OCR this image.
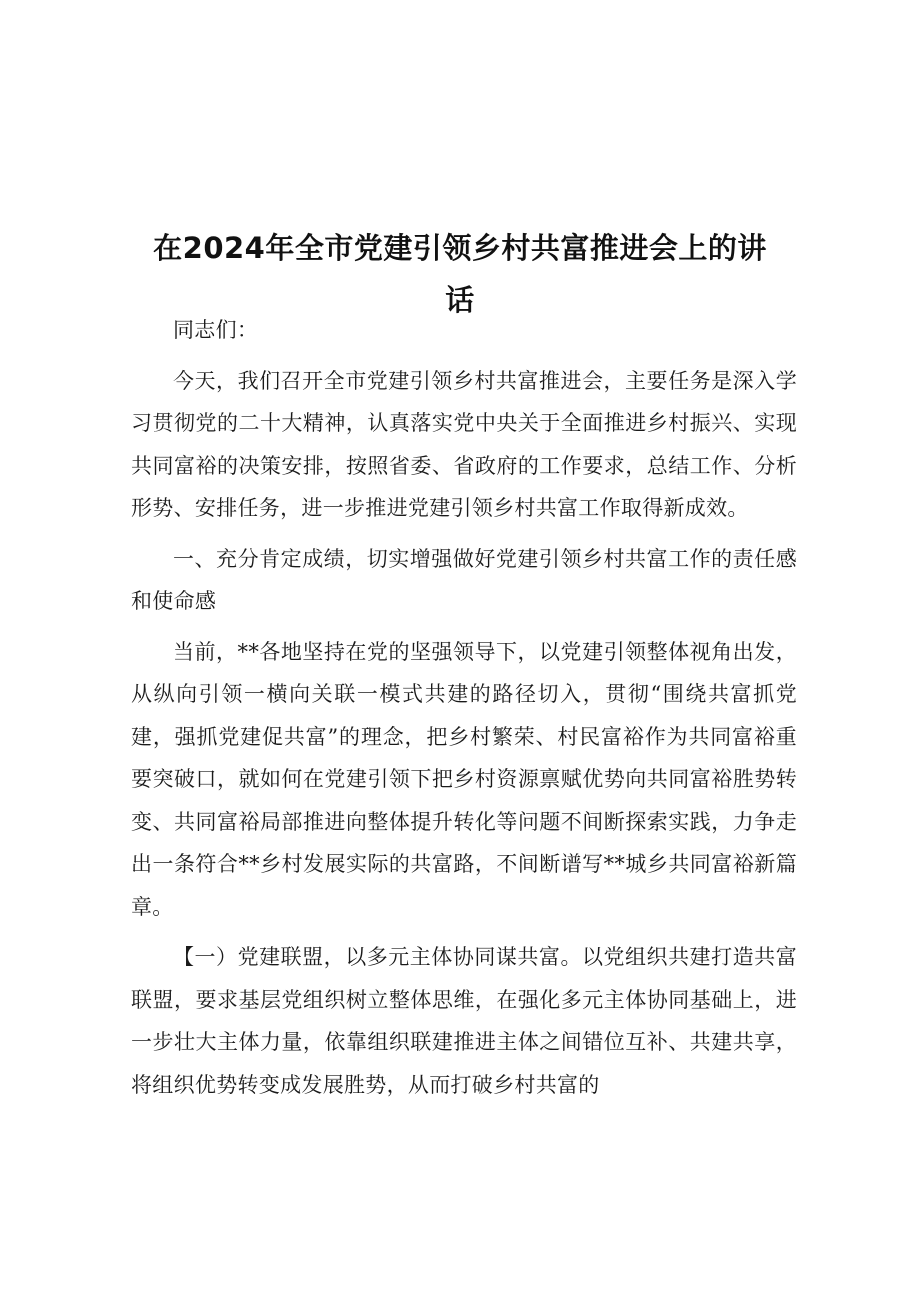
在2024年全市党建引领乡村共富推进会上的讲话

同志们：

今天，我们召开全市党建引领乡村共富推进会，主要任务是深入学习贯彻党的二十大精神，认真落实党中央关于全面推进乡村振兴、实现共同富裕的决策安排，按照省委、省政府的工作要求，总结工作、分析形势、安排任务，进一步推进党建引领乡村共富工作取得新成效。

一、充分肯定成绩，切实增强做好党建引领乡村共富工作的责任感和使命感

当前，**各地坚持在党的坚强领导下，以党建引领整体视角出发，从纵向引领一横向关联一模式共建的路径切入，贯彻“围绕共富抓党建，强抓党建促共富”的理念，把乡村繁荣、村民富裕作为共同富裕重要突破口，就如何在党建引领下把乡村资源禀赋优势向共同富裕胜势转变、共同富裕局部推进向整体提升转化等问题不间断探索实践，力争走出一条符合**乡村发展实际的共富路，不间断谱写**城乡共同富裕新篇章。

【一）党建联盟，以多元主体协同谋共富。以党组织共建打造共富联盟，要求基层党组织树立整体思维，在强化多元主体协同基础上，进一步壮大主体力量，依靠组织联建推进主体之间错位互补、共建共享，将组织优势转变成发展胜势，从而打破乡村共富的
